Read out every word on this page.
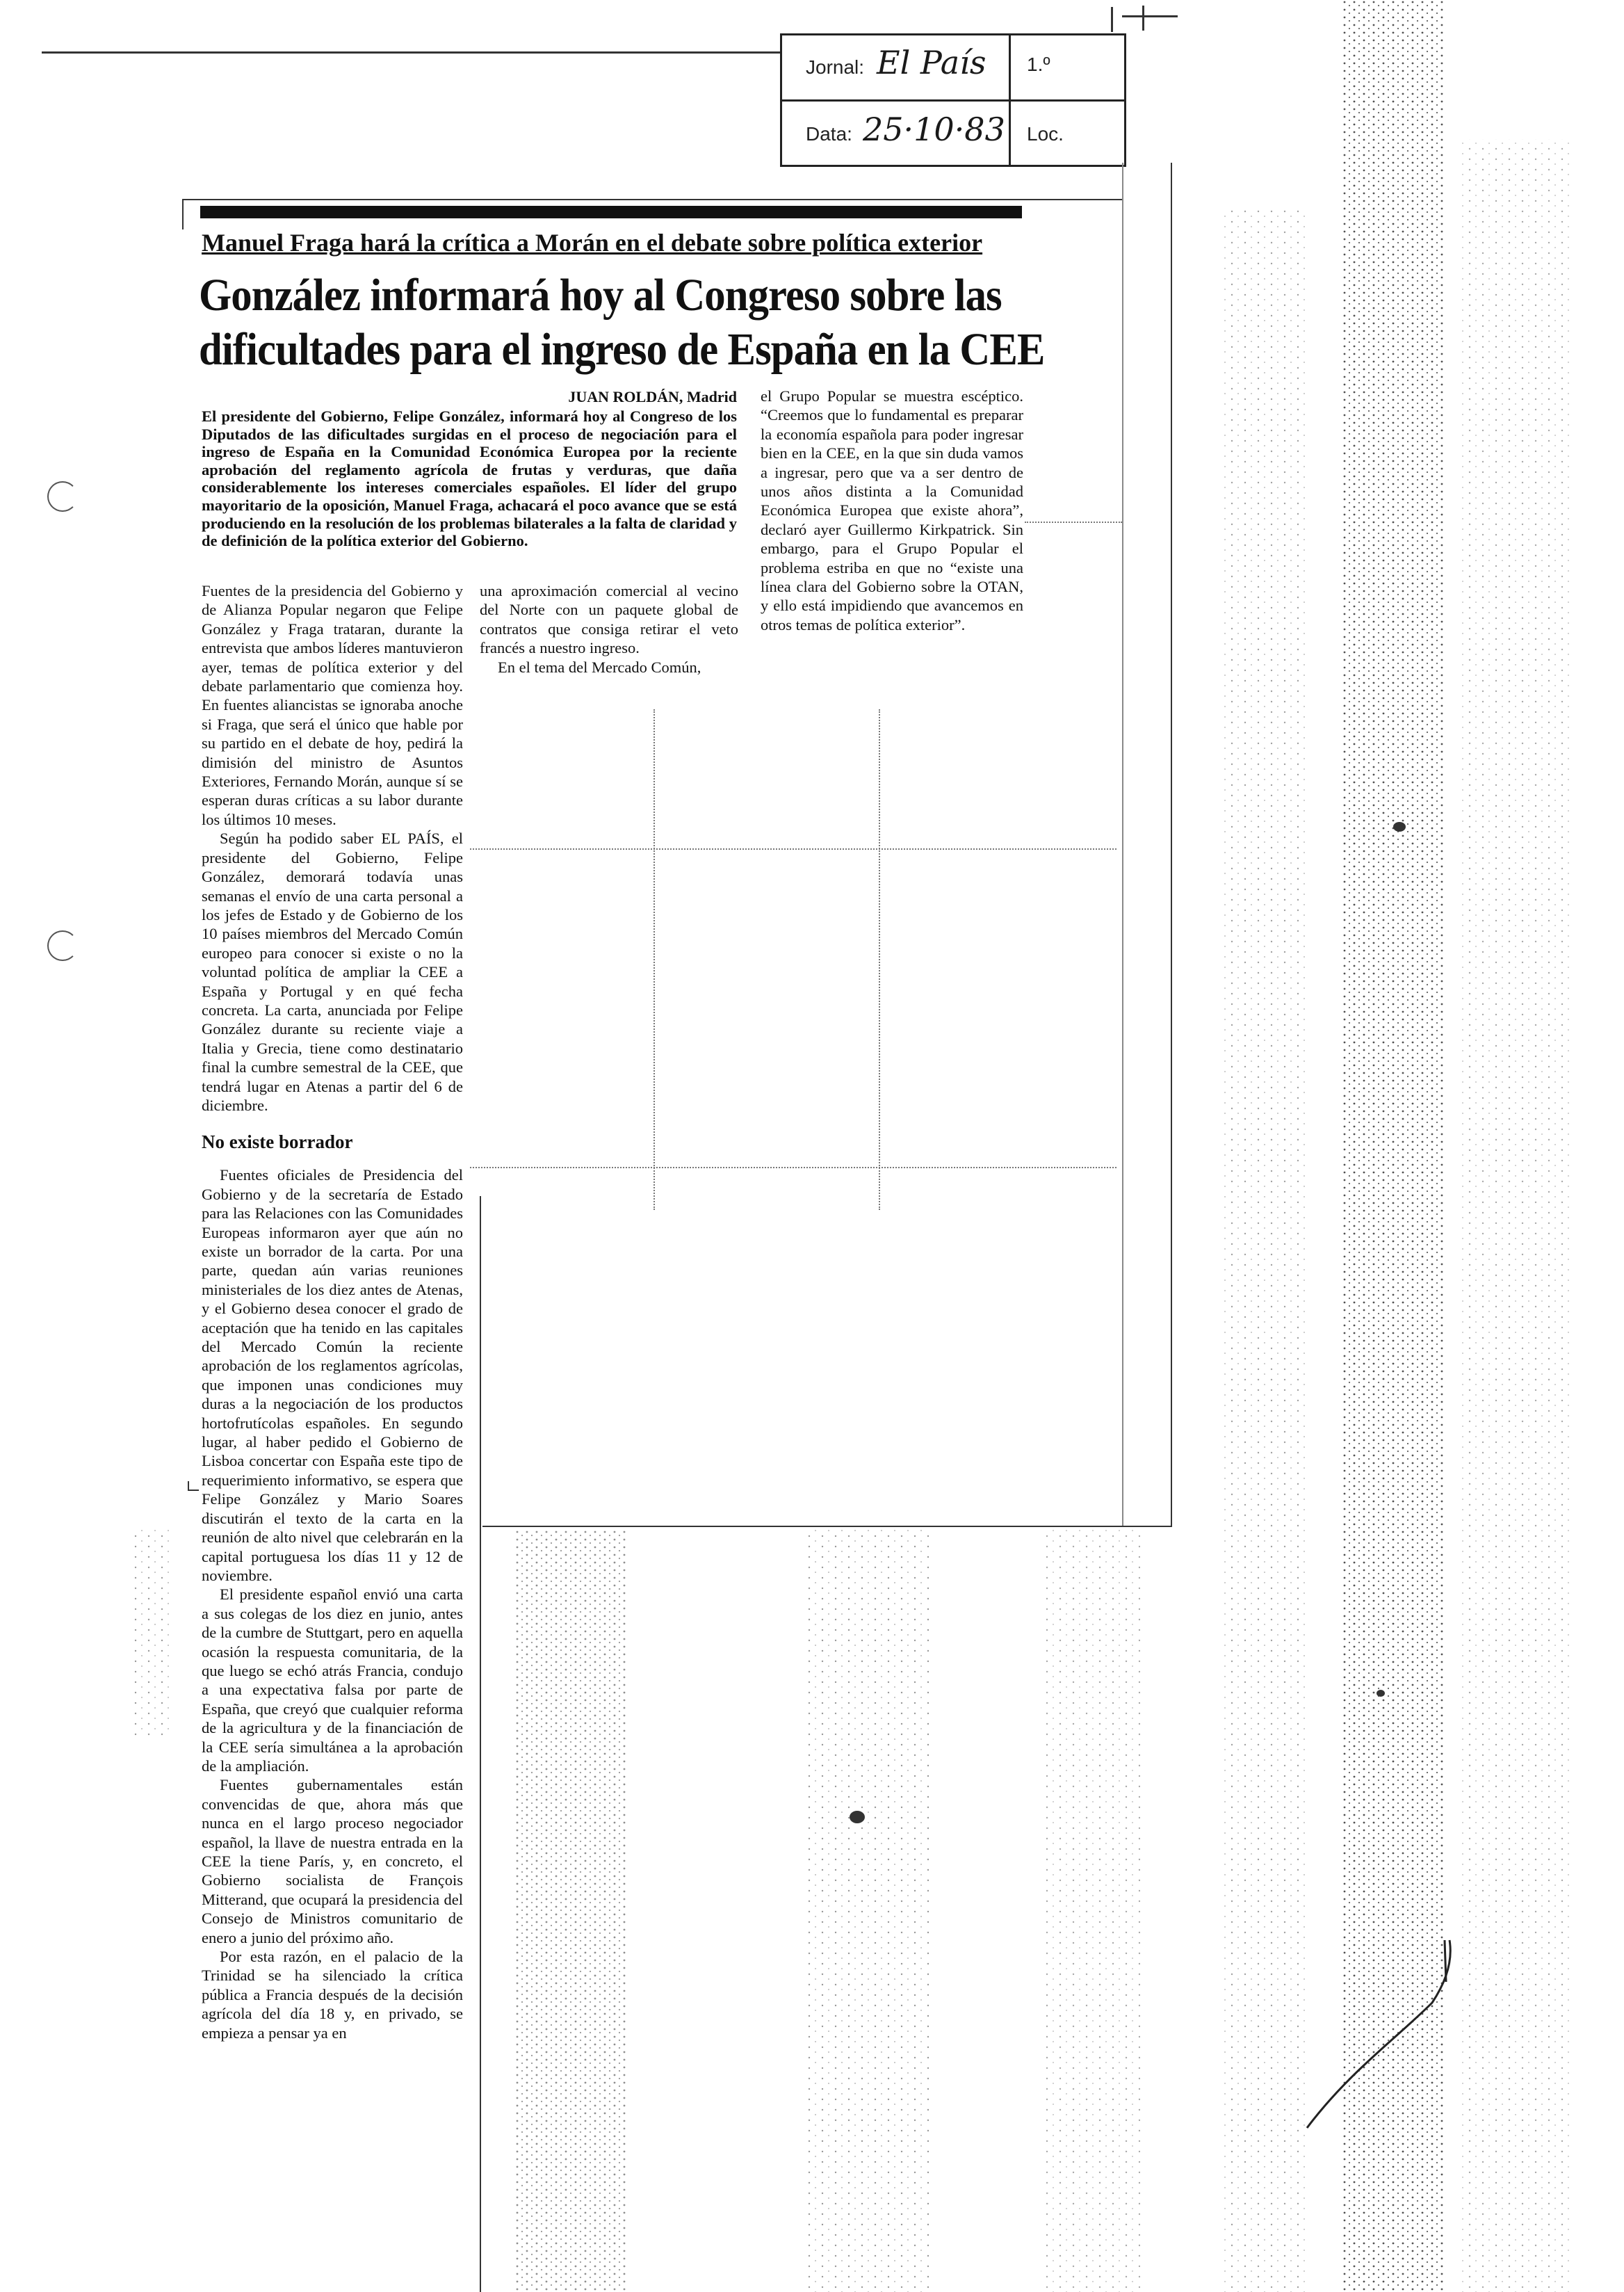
Jornal: El País 1.º
Data: 25·10·83 Loc.
Manuel Fraga hará la crítica a Morán en el debate sobre política exterior
González informará hoy al Congreso sobre las
dificultades para el ingreso de España en la CEE
JUAN ROLDÁN, Madrid
El presidente del Gobierno, Felipe González, informará hoy al Congreso de los Diputados de las dificultades surgidas en el proceso de negociación para el ingreso de España en la Comunidad Económica Europea por la reciente aprobación del reglamento agrícola de frutas y verduras, que daña considerablemente los intereses comerciales españoles. El líder del grupo mayoritario de la oposición, Manuel Fraga, achacará el poco avance que se está produciendo en la resolución de los problemas bilaterales a la falta de claridad y de definición de la política exterior del Gobierno.
el Grupo Popular se muestra escéptico. “Creemos que lo fundamental es preparar la economía española para poder ingresar bien en la CEE, en la que sin duda vamos a ingresar, pero que va a ser dentro de unos años distinta a la Comunidad Económica Europea que existe ahora”, declaró ayer Guillermo Kirkpatrick. Sin embargo, para el Grupo Popular el problema estriba en que no “existe una línea clara del Gobierno sobre la OTAN, y ello está impidiendo que avancemos en otros temas de política exterior”.

Fuentes de la presidencia del Gobierno y de Alianza Popular negaron que Felipe González y Fraga trataran, durante la entrevista que ambos líderes mantuvieron ayer, temas de política exterior y del debate parlamentario que comienza hoy. En fuentes aliancistas se ignoraba anoche si Fraga, que será el único que hable por su partido en el debate de hoy, pedirá la dimisión del ministro de Asuntos Exteriores, Fernando Morán, aunque sí se esperan duras críticas a su labor durante los últimos 10 meses.

Según ha podido saber EL PAÍS, el presidente del Gobierno, Felipe González, demorará todavía unas semanas el envío de una carta personal a los jefes de Estado y de Gobierno de los 10 países miembros del Mercado Común europeo para conocer si existe o no la voluntad política de ampliar la CEE a España y Portugal y en qué fecha concreta. La carta, anunciada por Felipe González durante su reciente viaje a Italia y Grecia, tiene como destinatario final la cumbre semestral de la CEE, que tendrá lugar en Atenas a partir del 6 de diciembre.

No existe borrador

Fuentes oficiales de Presidencia del Gobierno y de la secretaría de Estado para las Relaciones con las Comunidades Europeas informaron ayer que aún no existe un borrador de la carta. Por una parte, quedan aún varias reuniones ministeriales de los diez antes de Atenas, y el Gobierno desea conocer el grado de aceptación que ha tenido en las capitales del Mercado Común la reciente aprobación de los reglamentos agrícolas, que imponen unas condiciones muy duras a la negociación de los productos hortofrutícolas españoles. En segundo lugar, al haber pedido el Gobierno de Lisboa concertar con España este tipo de requerimiento informativo, se espera que Felipe González y Mario Soares discutirán el texto de la carta en la reunión de alto nivel que celebrarán en la capital portuguesa los días 11 y 12 de noviembre.

El presidente español envió una carta a sus colegas de los diez en junio, antes de la cumbre de Stuttgart, pero en aquella ocasión la respuesta comunitaria, de la que luego se echó atrás Francia, condujo a una expectativa falsa por parte de España, que creyó que cualquier reforma de la agricultura y de la financiación de la CEE sería simultánea a la aprobación de la ampliación.

Fuentes gubernamentales están convencidas de que, ahora más que nunca en el largo proceso negociador español, la llave de nuestra entrada en la CEE la tiene París, y, en concreto, el Gobierno socialista de François Mitterand, que ocupará la presidencia del Consejo de Ministros comunitario de enero a junio del próximo año.

Por esta razón, en el palacio de la Trinidad se ha silenciado la crítica pública a Francia después de la decisión agrícola del día 18 y, en privado, se empieza a pensar ya en

una aproximación comercial al vecino del Norte con un paquete global de contratos que consiga retirar el veto francés a nuestro ingreso.

En el tema del Mercado Común,
